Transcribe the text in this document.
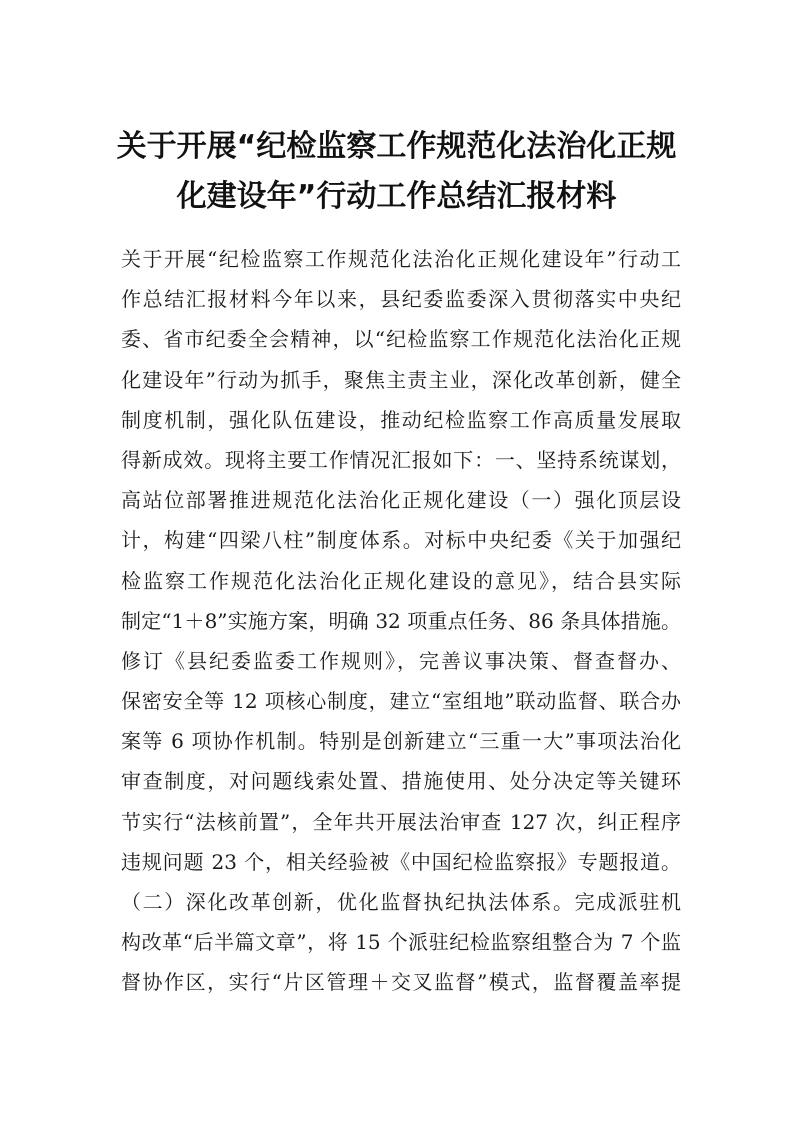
关于开展“纪检监察工作规范化法治化正规
化建设年”行动工作总结汇报材料
关于开展“纪检监察工作规范化法治化正规化建设年”行动工
作总结汇报材料今年以来，县纪委监委深入贯彻落实中央纪
委、省市纪委全会精神，以“纪检监察工作规范化法治化正规
化建设年”行动为抓手，聚焦主责主业，深化改革创新，健全
制度机制，强化队伍建设，推动纪检监察工作高质量发展取
得新成效。现将主要工作情况汇报如下：一、坚持系统谋划，
高站位部署推进规范化法治化正规化建设（一）强化顶层设
计，构建“四梁八柱”制度体系。对标中央纪委《关于加强纪
检监察工作规范化法治化正规化建设的意见》，结合县实际
制定“1＋8”实施方案，明确 32 项重点任务、86 条具体措施。
修订《县纪委监委工作规则》，完善议事决策、督查督办、
保密安全等 12 项核心制度，建立“室组地”联动监督、联合办
案等 6 项协作机制。特别是创新建立“三重一大”事项法治化
审查制度，对问题线索处置、措施使用、处分决定等关键环
节实行“法核前置”，全年共开展法治审查 127 次，纠正程序
违规问题 23 个，相关经验被《中国纪检监察报》专题报道。
（二）深化改革创新，优化监督执纪执法体系。完成派驻机
构改革“后半篇文章”，将 15 个派驻纪检监察组整合为 7 个监
督协作区，实行“片区管理＋交叉监督”模式，监督覆盖率提
